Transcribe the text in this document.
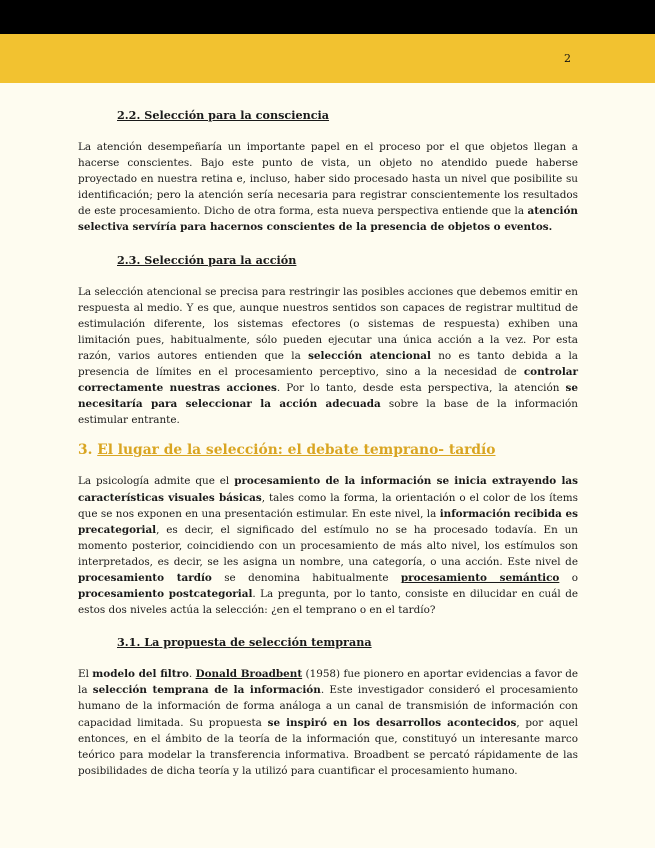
2
2.2. Selección para la consciencia

La atención desempeñaría un importante papel en el proceso por el que objetos llegan a hacerse conscientes. Bajo este punto de vista, un objeto no atendido puede haberse proyectado en nuestra retina e, incluso, haber sido procesado hasta un nivel que posibilite su identificación; pero la atención sería necesaria para registrar conscientemente los resultados de este procesamiento. Dicho de otra forma, esta nueva perspectiva entiende que la atención selectiva servíría para hacernos conscientes de la presencia de objetos o eventos.

2.3. Selección para la acción

La selección atencional se precisa para restringir las posibles acciones que debemos emitir en respuesta al medio. Y es que, aunque nuestros sentidos son capaces de registrar multitud de estimulación diferente, los sistemas efectores (o sistemas de respuesta) exhiben una limitación pues, habitualmente, sólo pueden ejecutar una única acción a la vez. Por esta razón, varios autores entienden que la selección atencional no es tanto debida a la presencia de límites en el procesamiento perceptivo, sino a la necesidad de controlar correctamente nuestras acciones. Por lo tanto, desde esta perspectiva, la atención se necesitaría para seleccionar la acción adecuada sobre la base de la información estimular entrante.

3. El lugar de la selección: el debate temprano- tardío

La psicología admite que el procesamiento de la información se inicia extrayendo las características visuales básicas, tales como la forma, la orientación o el color de los ítems que se nos exponen en una presentación estimular. En este nivel, la información recibida es precategorial, es decir, el significado del estímulo no se ha procesado todavía. En un momento posterior, coincidiendo con un procesamiento de más alto nivel, los estímulos son interpretados, es decir, se les asigna un nombre, una categoría, o una acción. Este nivel de procesamiento tardío se denomina habitualmente procesamiento semántico o procesamiento postcategorial. La pregunta, por lo tanto, consiste en dilucidar en cuál de estos dos niveles actúa la selección: ¿en el temprano o en el tardío?

3.1. La propuesta de selección temprana

El modelo del filtro. Donald Broadbent (1958) fue pionero en aportar evidencias a favor de la selección temprana de la información. Este investigador consideró el procesamiento humano de la información de forma análoga a un canal de transmisión de información con capacidad limitada. Su propuesta se inspiró en los desarrollos acontecidos, por aquel entonces, en el ámbito de la teoría de la información que, constituyó un interesante marco teórico para modelar la transferencia informativa. Broadbent se percató rápidamente de las posibilidades de dicha teoría y la utilizó para cuantificar el procesamiento humano.
